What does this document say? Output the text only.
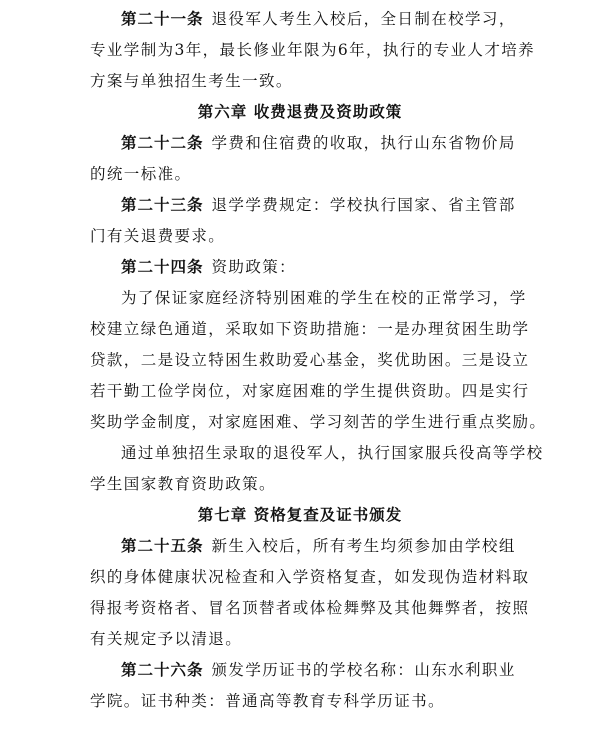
第二十一条 退役军人考生入校后，全日制在校学习，
专业学制为3年，最长修业年限为6年，执行的专业人才培养
方案与单独招生考生一致。
第六章 收费退费及资助政策
第二十二条 学费和住宿费的收取，执行山东省物价局
的统一标准。
第二十三条 退学学费规定：学校执行国家、省主管部
门有关退费要求。
第二十四条 资助政策：
为了保证家庭经济特别困难的学生在校的正常学习，学
校建立绿色通道，采取如下资助措施：一是办理贫困生助学
贷款，二是设立特困生救助爱心基金，奖优助困。三是设立
若干勤工俭学岗位，对家庭困难的学生提供资助。四是实行
奖助学金制度，对家庭困难、学习刻苦的学生进行重点奖励。
通过单独招生录取的退役军人，执行国家服兵役高等学校
学生国家教育资助政策。
第七章 资格复查及证书颁发
第二十五条 新生入校后，所有考生均须参加由学校组
织的身体健康状况检查和入学资格复查，如发现伪造材料取
得报考资格者、冒名顶替者或体检舞弊及其他舞弊者，按照
有关规定予以清退。
第二十六条 颁发学历证书的学校名称：山东水利职业
学院。证书种类：普通高等教育专科学历证书。
